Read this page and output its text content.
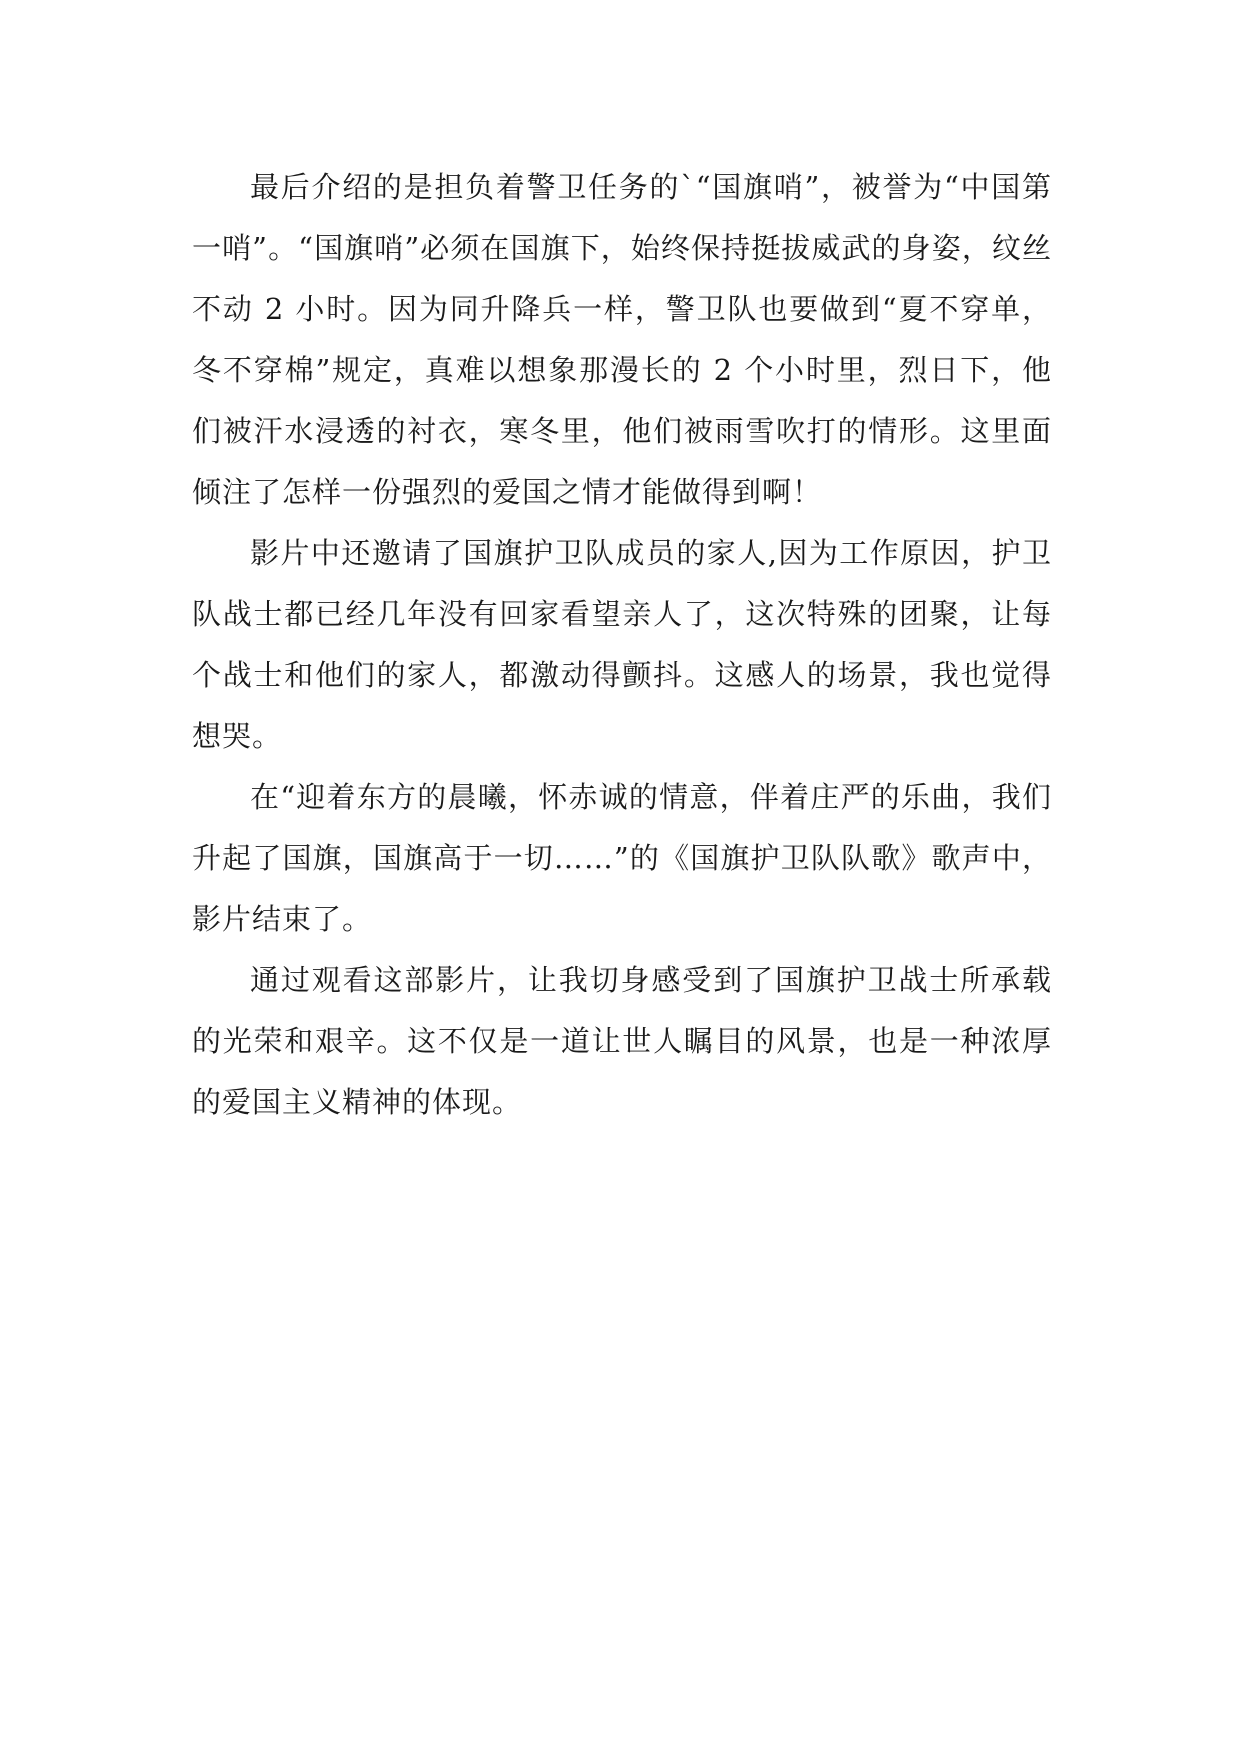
最后介绍的是担负着警卫任务的`“国旗哨”，被誉为“中国第一哨”。“国旗哨”必须在国旗下，始终保持挺拔威武的身姿，纹丝不动 2 小时。因为同升降兵一样，警卫队也要做到“夏不穿单，冬不穿棉”规定，真难以想象那漫长的 2 个小时里，烈日下，他们被汗水浸透的衬衣，寒冬里，他们被雨雪吹打的情形。这里面倾注了怎样一份强烈的爱国之情才能做得到啊！

影片中还邀请了国旗护卫队成员的家人,因为工作原因，护卫队战士都已经几年没有回家看望亲人了，这次特殊的团聚，让每个战士和他们的家人，都激动得颤抖。这感人的场景，我也觉得想哭。

在“迎着东方的晨曦，怀赤诚的情意，伴着庄严的乐曲，我们升起了国旗，国旗高于一切……”的《国旗护卫队队歌》歌声中，影片结束了。

通过观看这部影片，让我切身感受到了国旗护卫战士所承载的光荣和艰辛。这不仅是一道让世人瞩目的风景，也是一种浓厚的爱国主义精神的体现。
